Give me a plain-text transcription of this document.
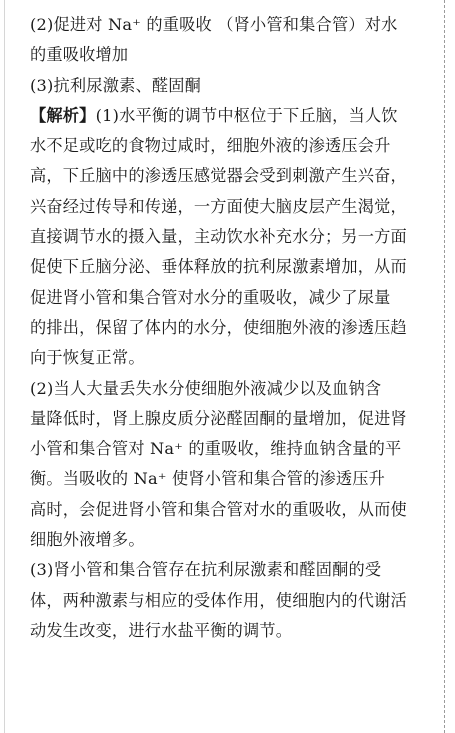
(2)促进对 Na⁺ 的重吸收 （肾小管和集合管）对水
的重吸收增加
(3)抗利尿激素、醛固酮
【解析】(1)水平衡的调节中枢位于下丘脑，当人饮
水不足或吃的食物过咸时，细胞外液的渗透压会升
高，下丘脑中的渗透压感觉器会受到刺激产生兴奋，
兴奋经过传导和传递，一方面使大脑皮层产生渴觉，
直接调节水的摄入量，主动饮水补充水分；另一方面
促使下丘脑分泌、垂体释放的抗利尿激素增加，从而
促进肾小管和集合管对水分的重吸收，减少了尿量
的排出，保留了体内的水分，使细胞外液的渗透压趋
向于恢复正常。
(2)当人大量丢失水分使细胞外液减少以及血钠含
量降低时，肾上腺皮质分泌醛固酮的量增加，促进肾
小管和集合管对 Na⁺ 的重吸收，维持血钠含量的平
衡。当吸收的 Na⁺ 使肾小管和集合管的渗透压升
高时，会促进肾小管和集合管对水的重吸收，从而使
细胞外液增多。
(3)肾小管和集合管存在抗利尿激素和醛固酮的受
体，两种激素与相应的受体作用，使细胞内的代谢活
动发生改变，进行水盐平衡的调节。
